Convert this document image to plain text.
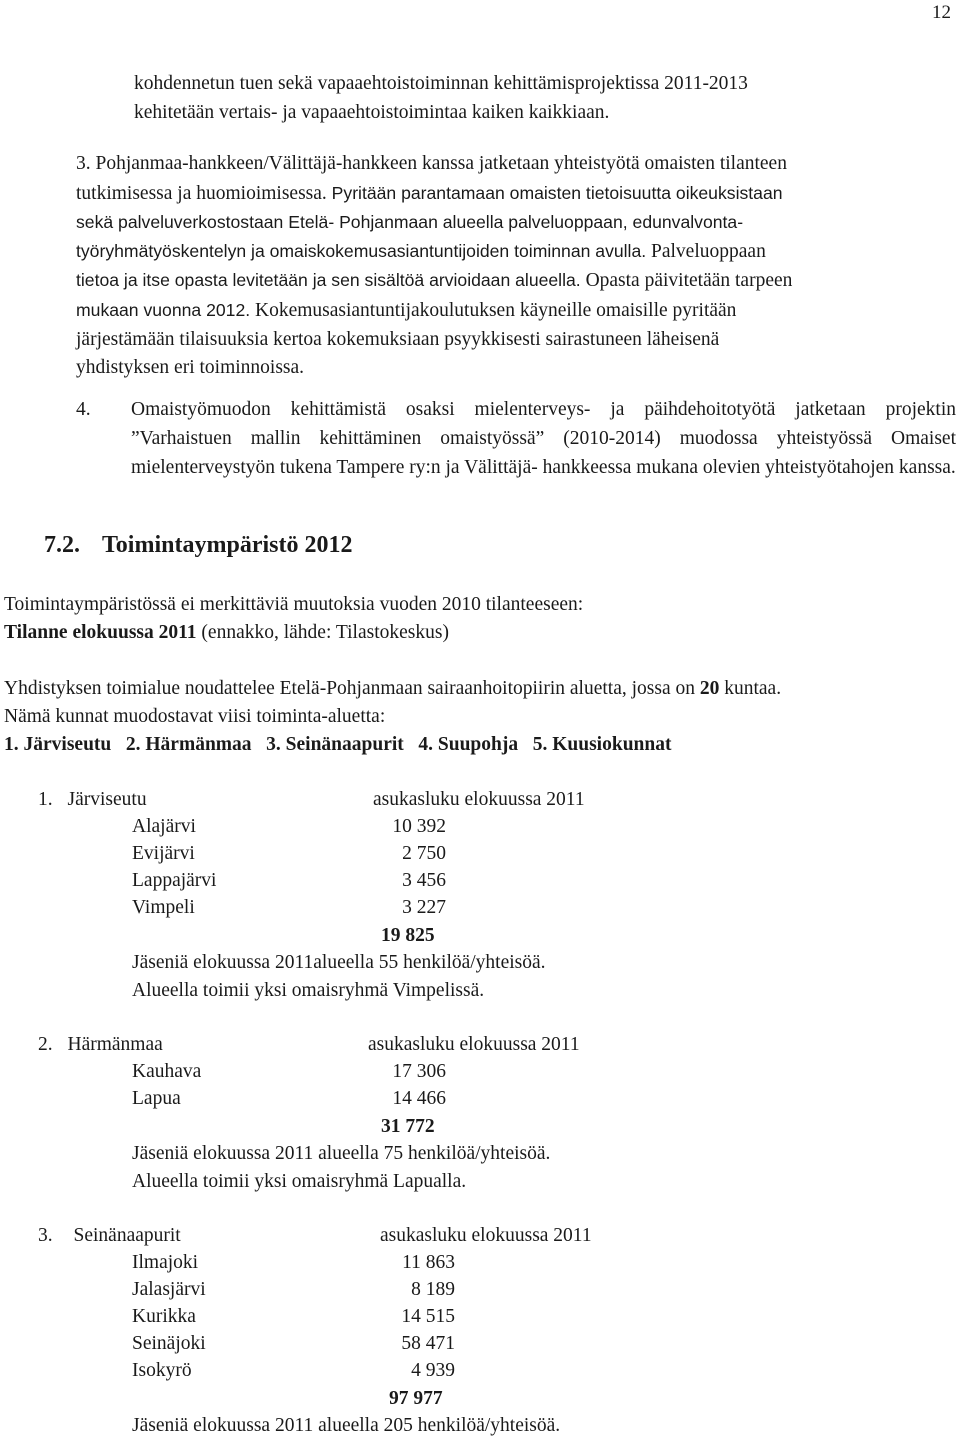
12

kohdennetun tuen sekä vapaaehtoistoiminnan kehittämisprojektissa 2011-2013

kehitetään vertais- ja vapaaehtoistoimintaa kaiken kaikkiaan.

3. Pohjanmaa-hankkeen/Välittäjä-hankkeen kanssa jatketaan yhteistyötä omaisten tilanteen

tutkimisessa ja huomioimisessa. Pyritään parantamaan omaisten tietoisuutta oikeuksistaan

sekä palveluverkostostaan Etelä- Pohjanmaan alueella palveluoppaan, edunvalvonta-

työryhmätyöskentelyn ja omaiskokemusasiantuntijoiden toiminnan avulla. Palveluoppaan

tietoa ja itse opasta levitetään ja sen sisältöä arvioidaan alueella. Opasta päivitetään tarpeen

mukaan vuonna 2012. Kokemusasiantuntijakoulutuksen käyneille omaisille pyritään

järjestämään tilaisuuksia kertoa kokemuksiaan psyykkisesti sairastuneen läheisenä

yhdistyksen eri toiminnoissa.

4. Omaistyömuodon kehittämistä osaksi mielenterveys- ja päihdehoitotyötä jatketaan projektin ”Varhaistuen mallin kehittäminen omaistyössä” (2010-2014) muodossa yhteistyössä Omaiset mielenterveystyön tukena Tampere ry:n ja Välittäjä- hankkeessa mukana olevien yhteistyötahojen kanssa.
7.2. Toimintaympäristö 2012
Toimintaympäristössä ei merkittäviä muutoksia vuoden 2010 tilanteeseen:
Tilanne elokuussa 2011 (ennakko, lähde: Tilastokeskus)
Yhdistyksen toimialue noudattelee Etelä-Pohjanmaan sairaanhoitopiirin aluetta, jossa on 20 kuntaa.
Nämä kunnat muodostavat viisi toiminta-aluetta:
1. Järviseutu   2. Härmänmaa   3. Seinänaapurit   4. Suupohja   5. Kuusiokunnat
1. Järviseutu	asukasluku elokuussa 2011
Alajärvi	10 392
Evijärvi	2 750
Lappajärvi	3 456
Vimpeli	3 227
19 825
Jäseniä elokuussa 2011alueella 55 henkilöä/yhteisöä.
Alueella toimii yksi omaisryhmä Vimpelissä.
2. Härmänmaa	asukasluku elokuussa 2011
Kauhava	17 306
Lapua	14 466
31 772
Jäseniä elokuussa 2011 alueella 75 henkilöä/yhteisöä.
Alueella toimii yksi omaisryhmä Lapualla.
3. Seinänaapurit	asukasluku elokuussa 2011
Ilmajoki	11 863
Jalasjärvi	8 189
Kurikka	14 515
Seinäjoki	58 471
Isokyrö	4 939
97 977
Jäseniä elokuussa 2011 alueella 205 henkilöä/yhteisöä.
